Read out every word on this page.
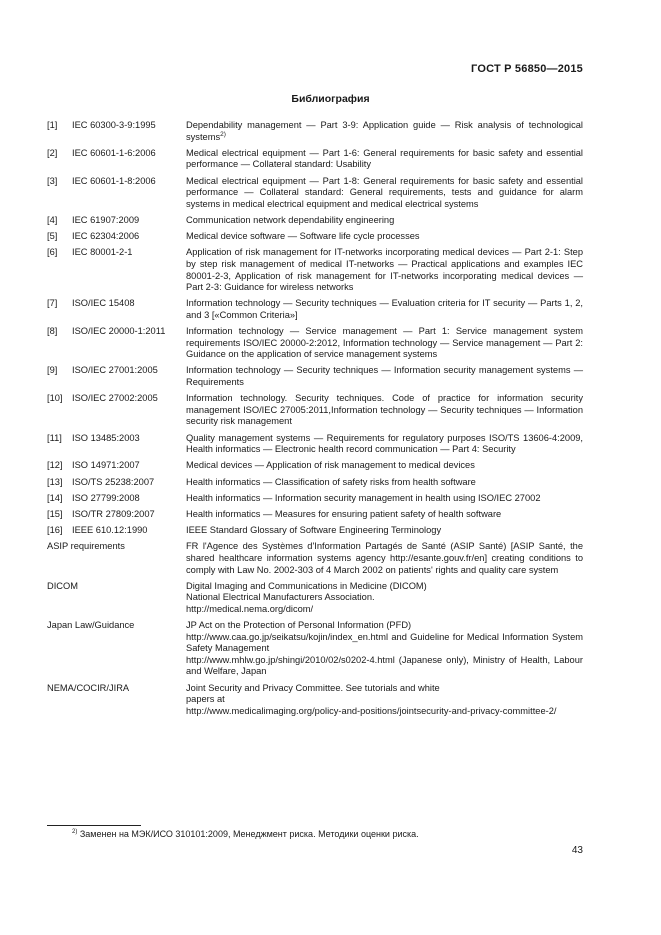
ГОСТ Р 56850—2015
Библиография
[1]	IEC 60300-3-9:1995	Dependability management — Part 3-9: Application guide — Risk analysis of technological systems$^{2)}$
[2]	IEC 60601-1-6:2006	Medical electrical equipment — Part 1-6: General requirements for basic safety and essential performance — Collateral standard: Usability
[3]	IEC 60601-1-8:2006	Medical electrical equipment — Part 1-8: General requirements for basic safety and essential performance — Collateral standard: General requirements, tests and guidance for alarm systems in medical electrical equipment and medical electrical systems
[4]	IEC 61907:2009	Communication network dependability engineering
[5]	IEC 62304:2006	Medical device software — Software life cycle processes
[6]	IEC 80001-2-1	Application of risk management for IT-networks incorporating medical devices — Part 2-1: Step by step risk management of medical IT-networks — Practical applications and examples IEC 80001-2-3, Application of risk management for IT-networks incorporating medical devices — Part 2-3: Guidance for wireless networks
[7]	ISO/IEC 15408	Information technology — Security techniques — Evaluation criteria for IT security — Parts 1, 2, and 3 [«Common Criteria»]
[8]	ISO/IEC 20000-1:2011	Information technology — Service management — Part 1: Service management system requirements ISO/IEC 20000-2:2012, Information technology — Service management — Part 2: Guidance on the application of service management systems
[9]	ISO/IEC 27001:2005	Information technology — Security techniques — Information security management systems — Requirements
[10]	ISO/IEC 27002:2005	Information technology. Security techniques. Code of practice for information security management ISO/IEC 27005:2011,Information technology — Security techniques — Information security risk management
[11]	ISO 13485:2003	Quality management systems — Requirements for regulatory purposes ISO/TS 13606-4:2009, Health informatics — Electronic health record communication — Part 4: Security
[12]	ISO 14971:2007	Medical devices — Application of risk management to medical devices
[13]	ISO/TS 25238:2007	Health informatics — Classification of safety risks from health software
[14]	ISO 27799:2008	Health informatics — Information security management in health using ISO/IEC 27002
[15]	ISO/TR 27809:2007	Health informatics — Measures for ensuring patient safety of health software
[16]	IEEE 610.12:1990	IEEE Standard Glossary of Software Engineering Terminology
ASIP requirements	FR l'Agence des Systèmes d'Information Partagés de Santé (ASIP Santé) [ASIP Santé, the shared healthcare information systems agency http://esante.gouv.fr/en] creating conditions to comply with Law No. 2002-303 of 4 March 2002 on patients' rights and quality care system
DICOM	Digital Imaging and Communications in Medicine (DICOM)
National Electrical Manufacturers Association.
http://medical.nema.org/dicom/
Japan Law/Guidance	JP Act on the Protection of Personal Information (PFD)
http://www.caa.go.jp/seikatsu/kojin/index_en.html and Guideline for Medical Information System Safety Management
http://www.mhlw.go.jp/shingi/2010/02/s0202-4.html (Japanese only), Ministry of Health, Labour and Welfare, Japan
NEMA/COCIR/JIRA	Joint Security and Privacy Committee. See tutorials and white
papers at
http://www.medicalimaging.org/policy-and-positions/jointsecurity-and-privacy-committee-2/
$^{2)}$ Заменен на МЭК/ИСО 310101:2009, Менеджмент риска. Методики оценки риска.
43
